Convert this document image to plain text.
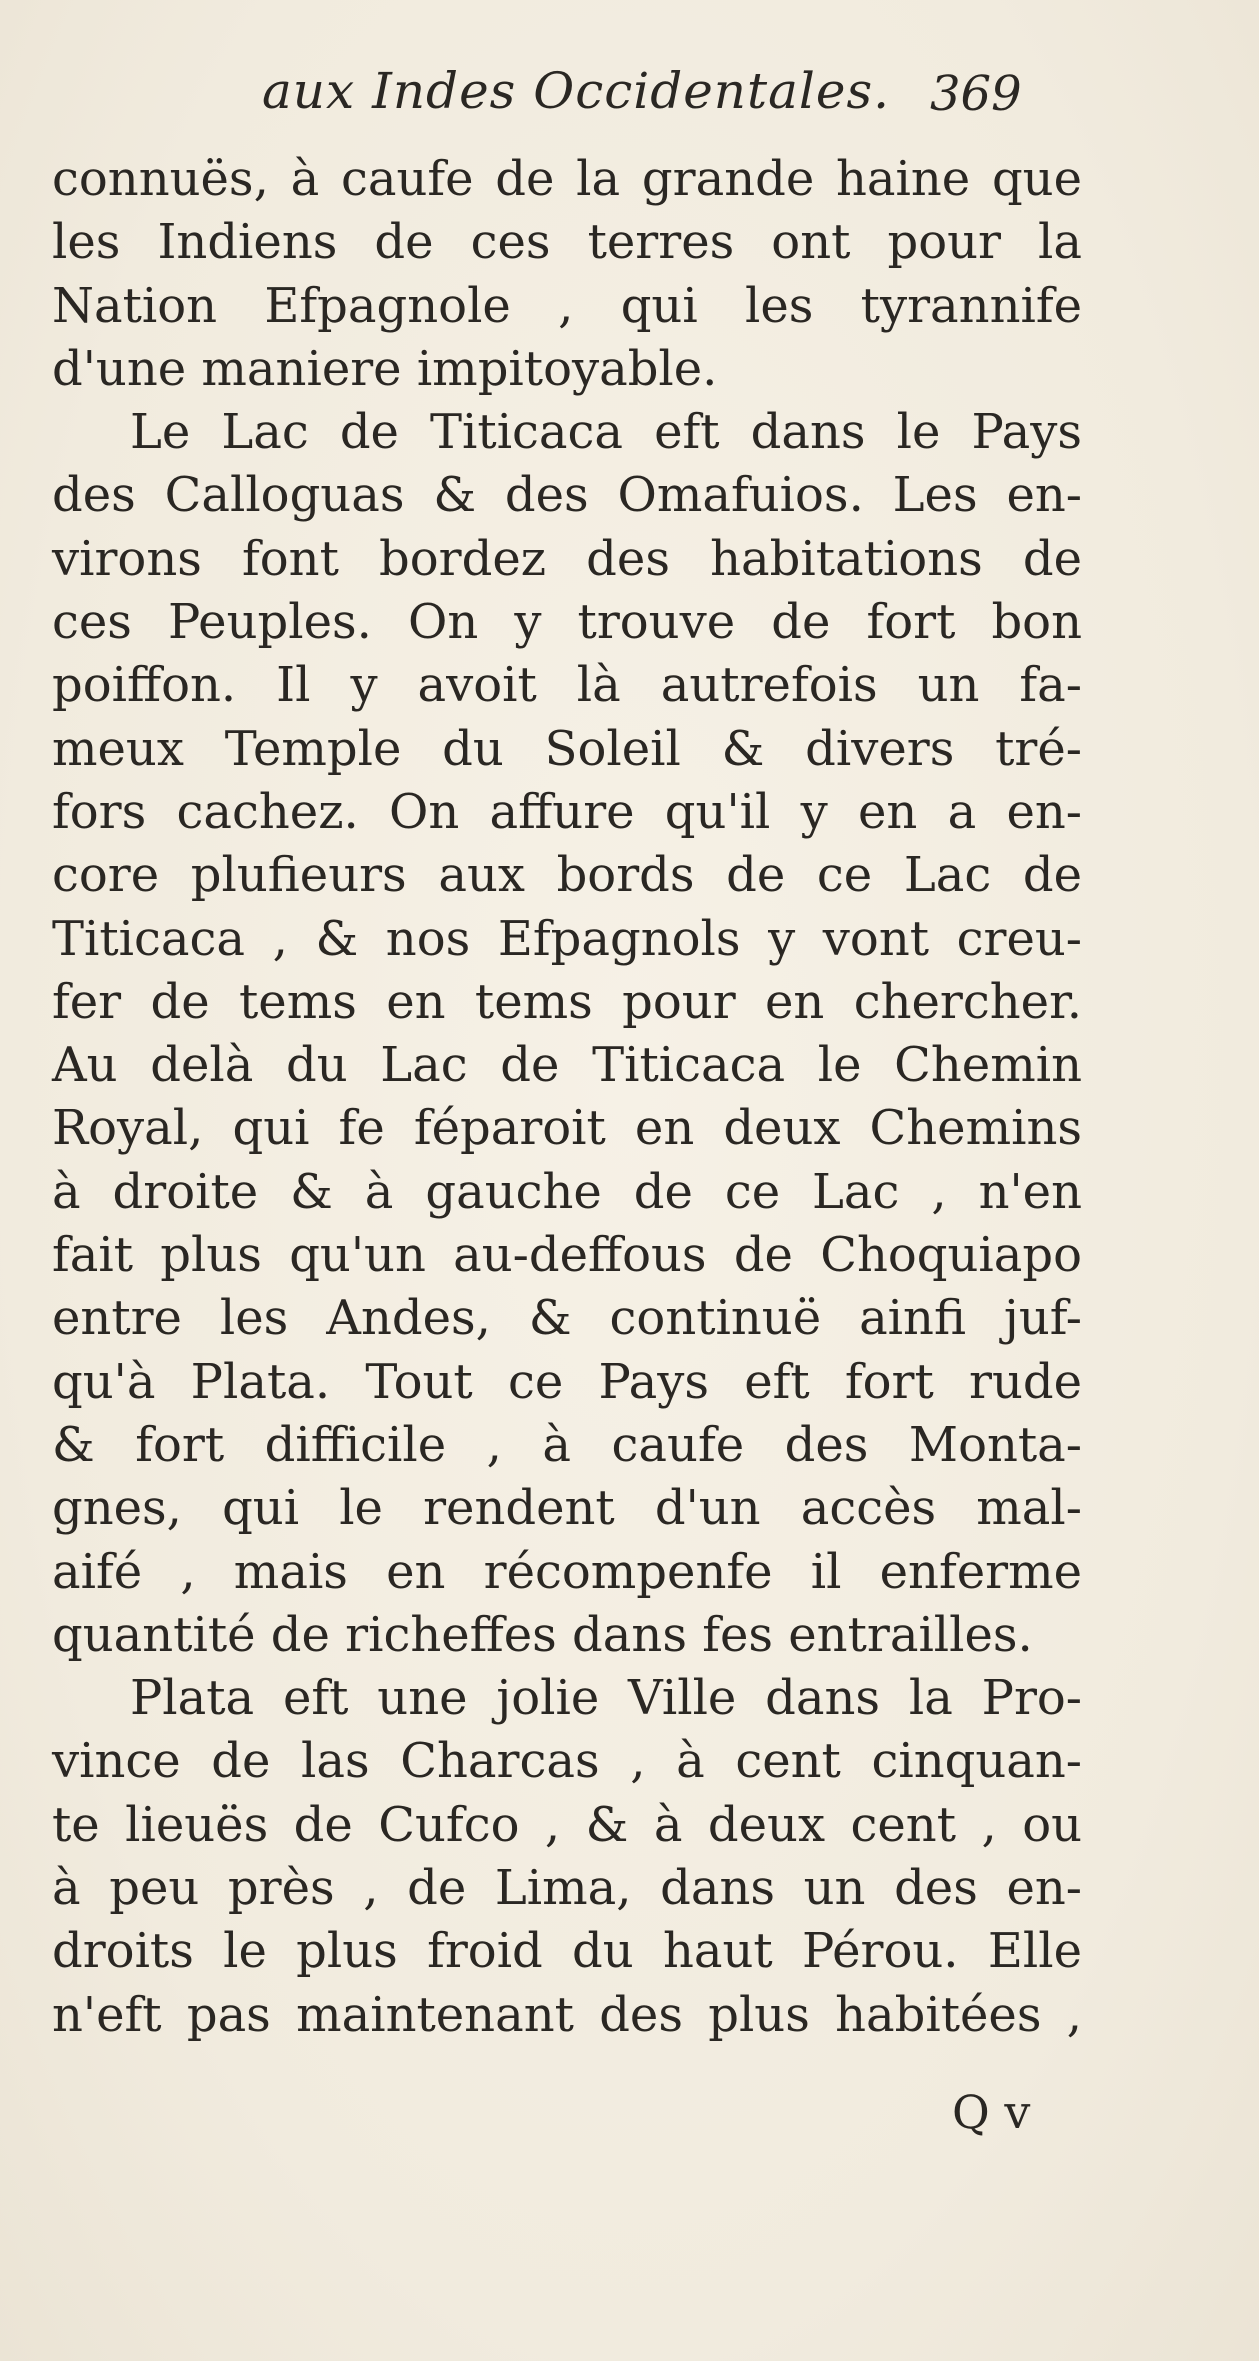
aux Indes Occidentales. 369
connuës, à caufe de la grande haine que
les Indiens de ces terres ont pour la
Nation Efpagnole , qui les tyrannife
d'une maniere impitoyable.
Le Lac de Titicaca eft dans le Pays
des Calloguas & des Omafuios. Les en-
virons font bordez des habitations de
ces Peuples. On y trouve de fort bon
poiffon. Il y avoit là autrefois un fa-
meux Temple du Soleil & divers tré-
fors cachez. On affure qu'il y en a en-
core plufieurs aux bords de ce Lac de
Titicaca , & nos Efpagnols y vont creu-
fer de tems en tems pour en chercher.
Au delà du Lac de Titicaca le Chemin
Royal, qui fe féparoit en deux Chemins
à droite & à gauche de ce Lac , n'en
fait plus qu'un au-deffous de Choquiapo
entre les Andes, & continuë ainfi juf-
qu'à Plata. Tout ce Pays eft fort rude
& fort difficile , à caufe des Monta-
gnes, qui le rendent d'un accès mal-
aifé , mais en récompenfe il enferme
quantité de richeffes dans fes entrailles.
Plata eft une jolie Ville dans la Pro-
vince de las Charcas , à cent cinquan-
te lieuës de Cufco , & à deux cent , ou
à peu près , de Lima, dans un des en-
droits le plus froid du haut Pérou. Elle
n'eft pas maintenant des plus habitées ,
Q v
